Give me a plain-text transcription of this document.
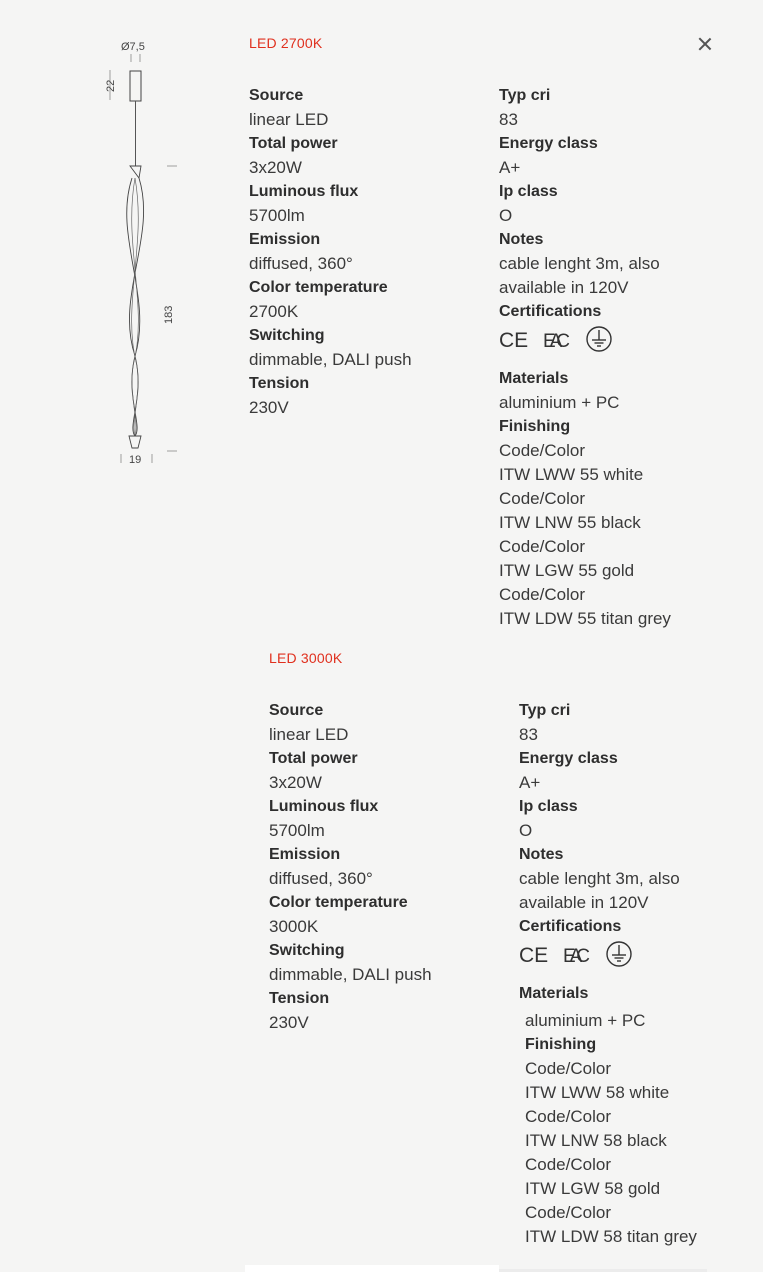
Ø7,5
22
183
19
LED 2700K
Source
linear LED
Total power
3x20W
Luminous flux
5700lm
Emission
diffused, 360°
Color temperature
2700K
Switching
dimmable, DALI push
Tension
230V
Typ cri
83
Energy class
A+
Ip class
O
Notes
cable lenght 3m, also available in 120V
Certifications
CE EAC
Materials
aluminium + PC
Finishing
Code/Color
ITW LWW 55 white
Code/Color
ITW LNW 55 black
Code/Color
ITW LGW 55 gold
Code/Color
ITW LDW 55 titan grey
LED 3000K
Source
linear LED
Total power
3x20W
Luminous flux
5700lm
Emission
diffused, 360°
Color temperature
3000K
Switching
dimmable, DALI push
Tension
230V
Typ cri
83
Energy class
A+
Ip class
O
Notes
cable lenght 3m, also available in 120V
Certifications
CE EAC
Materials
aluminium + PC
Finishing
Code/Color
ITW LWW 58 white
Code/Color
ITW LNW 58 black
Code/Color
ITW LGW 58 gold
Code/Color
ITW LDW 58 titan grey
